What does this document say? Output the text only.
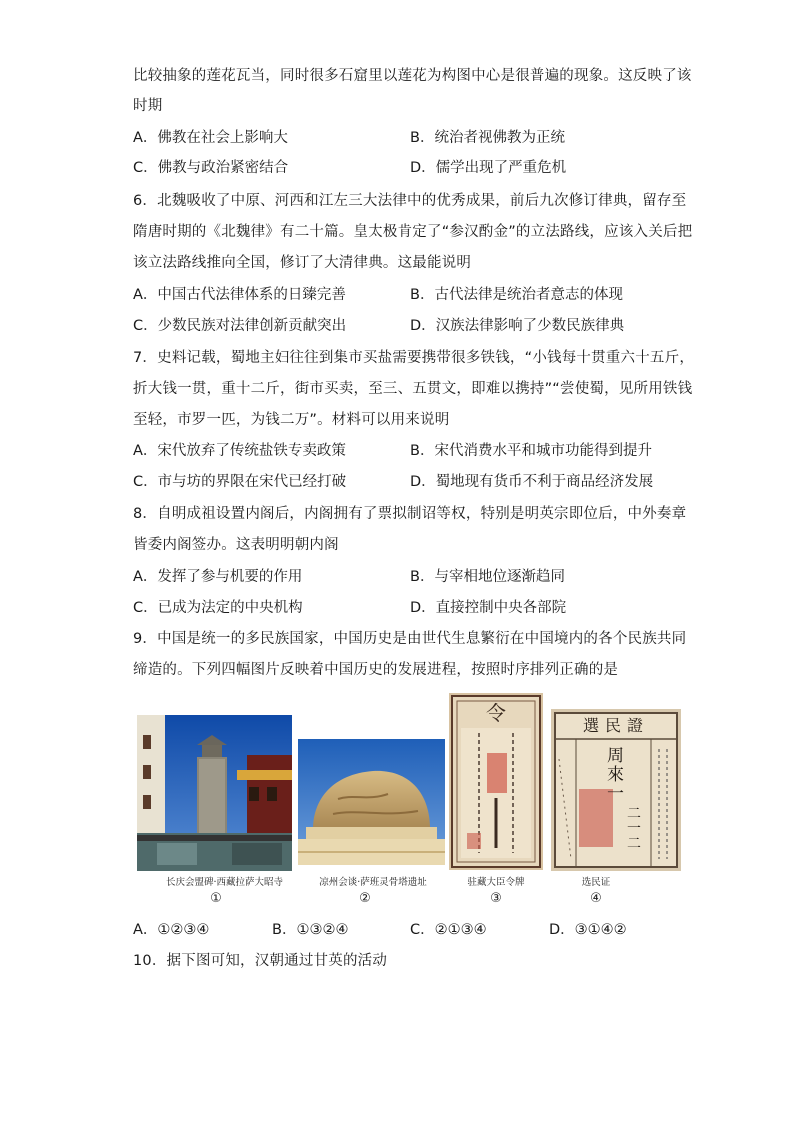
比较抽象的莲花瓦当，同时很多石窟里以莲花为构图中心是很普遍的现象。这反映了该
时期
A．佛教在社会上影响大	B．统治者视佛教为正统
C．佛教与政治紧密结合	D．儒学出现了严重危机
6．北魏吸收了中原、河西和江左三大法律中的优秀成果，前后九次修订律典，留存至
隋唐时期的《北魏律》有二十篇。皇太极肯定了“参汉酌金”的立法路线，应该入关后把
该立法路线推向全国，修订了大清律典。这最能说明
A．中国古代法律体系的日臻完善	B．古代法律是统治者意志的体现
C．少数民族对法律创新贡献突出	D．汉族法律影响了少数民族律典
7．史料记载，蜀地主妇往往到集市买盐需要携带很多铁钱，“小钱每十贯重六十五斤，
折大钱一贯，重十二斤，街市买卖，至三、五贯文，即难以携持”“尝使蜀，见所用铁钱
至轻，市罗一匹，为钱二万”。材料可以用来说明
A．宋代放弃了传统盐铁专卖政策	B．宋代消费水平和城市功能得到提升
C．市与坊的界限在宋代已经打破	D．蜀地现有货币不利于商品经济发展
8．自明成祖设置内阁后，内阁拥有了票拟制诏等权，特别是明英宗即位后，中外奏章
皆委内阁签办。这表明明朝内阁
A．发挥了参与机要的作用	B．与宰相地位逐渐趋同
C．已成为法定的中央机构	D．直接控制中央各部院
9．中国是统一的多民族国家，中国历史是由世代生息繁衍在中国境内的各个民族共同
缔造的。下列四幅图片反映着中国历史的发展进程，按照时序排列正确的是
长庆会盟碑·西藏拉萨大昭寺
①
凉州会谈·萨班灵骨塔遗址
②
令
驻藏大臣令牌
③
選民證
周來一
二一二
选民证
④
A．①②③④	B．①③②④	C．②①③④	D．③①④②
10．据下图可知，汉朝通过甘英的活动
